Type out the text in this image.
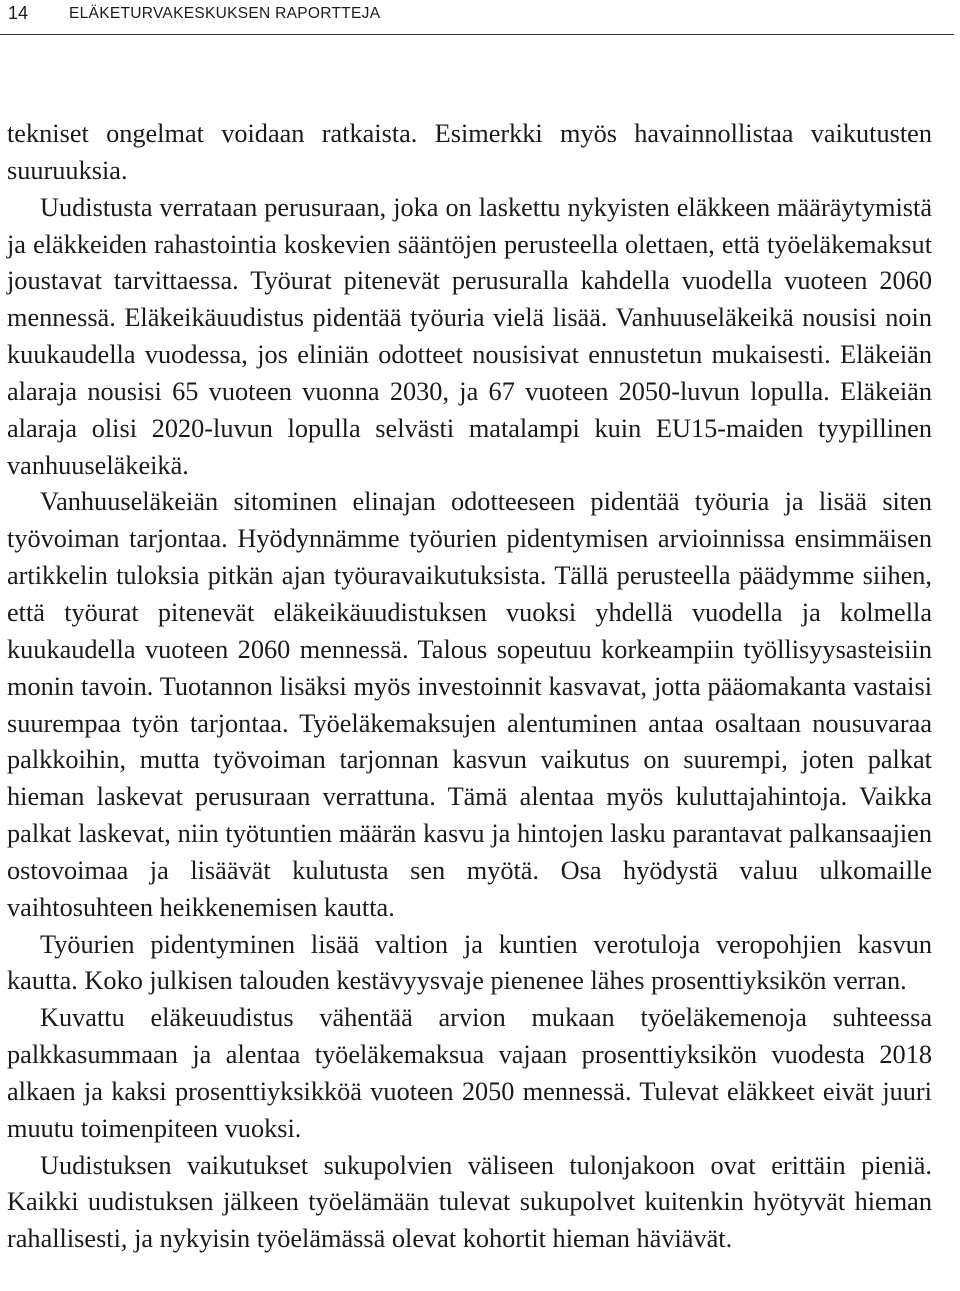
14	ELÄKETURVAKESKUKSEN RAPORTTEJA

tekniset ongelmat voidaan ratkaista. Esimerkki myös havainnollistaa vaikutusten suuruuksia.

Uudistusta verrataan perusuraan, joka on laskettu nykyisten eläkkeen määräytymistä ja eläkkeiden rahastointia koskevien sääntöjen perusteella olettaen, että työeläkemaksut joustavat tarvittaessa. Työurat pitenevät perusuralla kahdella vuodella vuoteen 2060 mennessä. Eläkeikäuudistus pidentää työuria vielä lisää. Vanhuuseläkeikä nousisi noin kuukaudella vuodessa, jos eliniän odotteet nousisivat ennustetun mukaisesti. Eläkeiän alaraja nousisi 65 vuoteen vuonna 2030, ja 67 vuoteen 2050-luvun lopulla. Eläkeiän alaraja olisi 2020-luvun lopulla selvästi matalampi kuin EU15-maiden tyypillinen vanhuuseläkeikä.

Vanhuuseläkeiän sitominen elinajan odotteeseen pidentää työuria ja lisää siten työvoiman tarjontaa. Hyödynnämme työurien pidentymisen arvioinnissa ensimmäisen artikkelin tuloksia pitkän ajan työuravaikutuksista. Tällä perusteella päädymme siihen, että työurat pitenevät eläkeikäuudistuksen vuoksi yhdellä vuodella ja kolmella kuukaudella vuoteen 2060 mennessä. Talous sopeutuu korkeampiin työllisyysasteisiin monin tavoin. Tuotannon lisäksi myös investoinnit kasvavat, jotta pääomakanta vastaisi suurempaa työn tarjontaa. Työeläkemaksujen alentuminen antaa osaltaan nousuvaraa palkkoihin, mutta työvoiman tarjonnan kasvun vaikutus on suurempi, joten palkat hieman laskevat perusuraan verrattuna. Tämä alentaa myös kuluttajahintoja. Vaikka palkat laskevat, niin työtuntien määrän kasvu ja hintojen lasku parantavat palkansaajien ostovoimaa ja lisäävät kulutusta sen myötä. Osa hyödystä valuu ulkomaille vaihtosuhteen heikkenemisen kautta.

Työurien pidentyminen lisää valtion ja kuntien verotuloja veropohjien kasvun kautta. Koko julkisen talouden kestävyysvaje pienenee lähes prosenttiyksikön verran.

Kuvattu eläkeuudistus vähentää arvion mukaan työeläkemenoja suhteessa palkkasummaan ja alentaa työeläkemaksua vajaan prosenttiyksikön vuodesta 2018 alkaen ja kaksi prosenttiyksikköä vuoteen 2050 mennessä. Tulevat eläkkeet eivät juuri muutu toimenpiteen vuoksi.

Uudistuksen vaikutukset sukupolvien väliseen tulonjakoon ovat erittäin pieniä. Kaikki uudistuksen jälkeen työelämään tulevat sukupolvet kuitenkin hyötyvät hieman rahallisesti, ja nykyisin työelämässä olevat kohortit hieman häviävät.
